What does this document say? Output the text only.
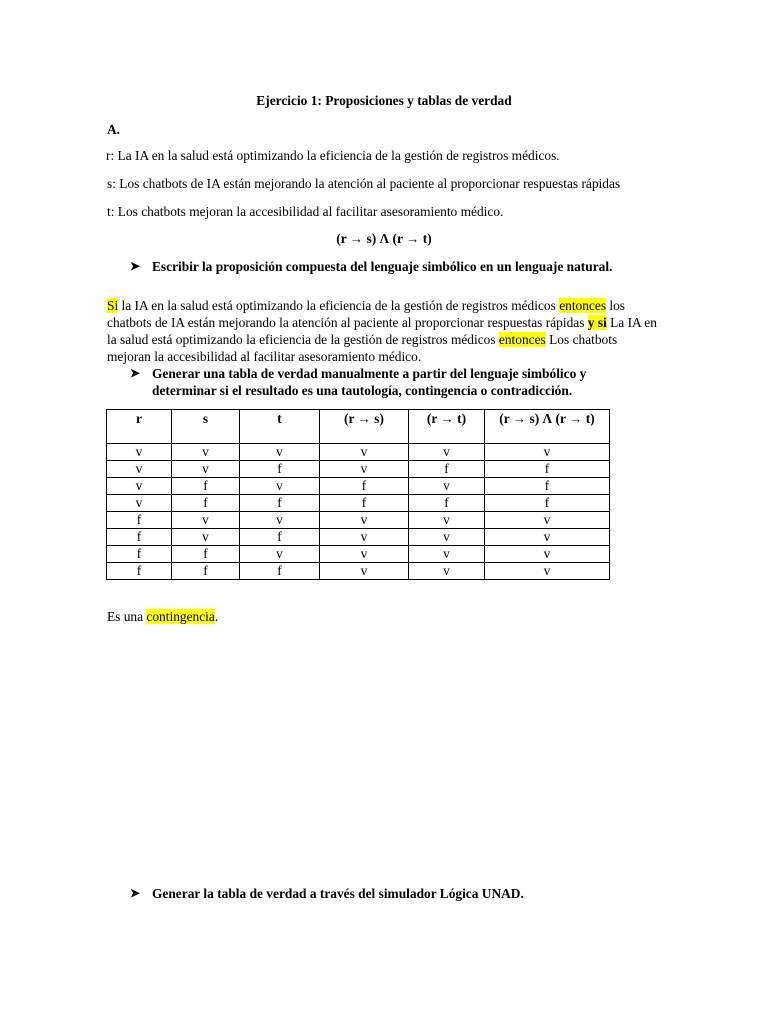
Ejercicio 1: Proposiciones y tablas de verdad

A.

r: La IA en la salud está optimizando la eficiencia de la gestión de registros médicos.

s: Los chatbots de IA están mejorando la atención al paciente al proporcionar respuestas rápidas

t: Los chatbots mejoran la accesibilidad al facilitar asesoramiento médico.

(r → s) Λ (r → t)

➤ Escribir la proposición compuesta del lenguaje simbólico en un lenguaje natural.

Si la IA en la salud está optimizando la eficiencia de la gestión de registros médicos entonces los chatbots de IA están mejorando la atención al paciente al proporcionar respuestas rápidas y si La IA en la salud está optimizando la eficiencia de la gestión de registros médicos entonces Los chatbots mejoran la accesibilidad al facilitar asesoramiento médico.

➤ Generar una tabla de verdad manualmente a partir del lenguaje simbólico y
determinar si el resultado es una tautología, contingencia o contradicción.
r	s	t	(r → s)	(r → t)	(r → s) Λ (r → t)
v	v	v	v	v	v
v	v	f	v	f	f
v	f	v	f	v	f
v	f	f	f	f	f
f	v	v	v	v	v
f	v	f	v	v	v
f	f	v	v	v	v
f	f	f	v	v	v

Es una contingencia.

➤ Generar la tabla de verdad a través del simulador Lógica UNAD.
